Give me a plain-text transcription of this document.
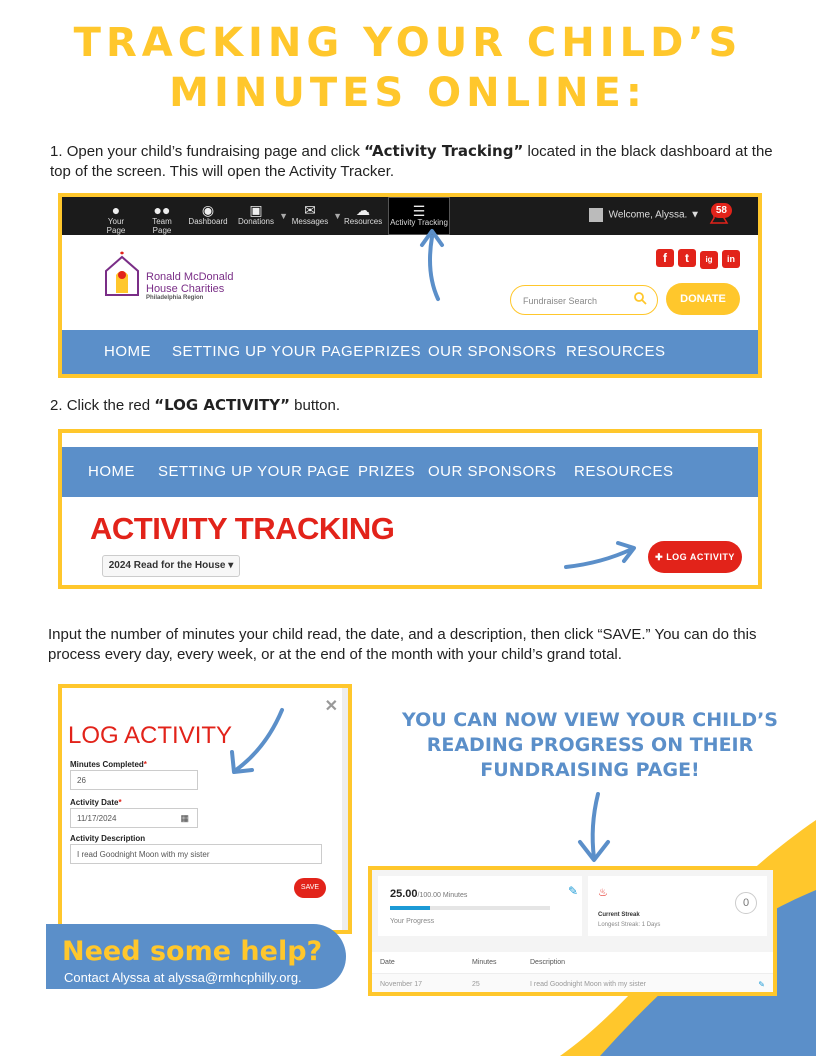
TRACKING YOUR CHILD’S
MINUTES ONLINE:
1. Open your child’s fundraising page and click “Activity Tracking” located in the black dashboard at the top of the screen. This will open the Activity Tracker.
●
Your Page
●●
Team Page
◉
Dashboard
▣
Donations
▼	✉
Messages
▼	☁
Resources
☰
Activity Tracking
Welcome, Alyssa. ▼	58
Ronald McDonald
House Charities
Philadelphia Region
f t ig in
Fundraiser Search	DONATE
HOME SETTING UP YOUR PAGE PRIZES OUR SPONSORS RESOURCES
2. Click the red “LOG ACTIVITY” button.
HOME SETTING UP YOUR PAGE PRIZES OUR SPONSORS RESOURCES
ACTIVITY TRACKING
2024 Read for the House ▾
✚ LOG ACTIVITY
Input the number of minutes your child read, the date, and a description, then click “SAVE.” You can do this process every day, every week, or at the end of the month with your child’s grand total.
✕
LOG ACTIVITY
Minutes Completed*
26
Activity Date*
11/17/2024	▦
Activity Description
I read Goodnight Moon with my sister
SAVE
YOU CAN NOW VIEW YOUR CHILD’S
READING PROGRESS ON THEIR
FUNDRAISING PAGE!
Need some help?
Contact Alyssa at alyssa@rmhcphilly.org.
25.00/100.00 Minutes
Your Progress
✎ ♨
Current Streak
Longest Streak: 1 Days
0
Date	Minutes	Description
November 17	25	I read Goodnight Moon with my sister	✎
